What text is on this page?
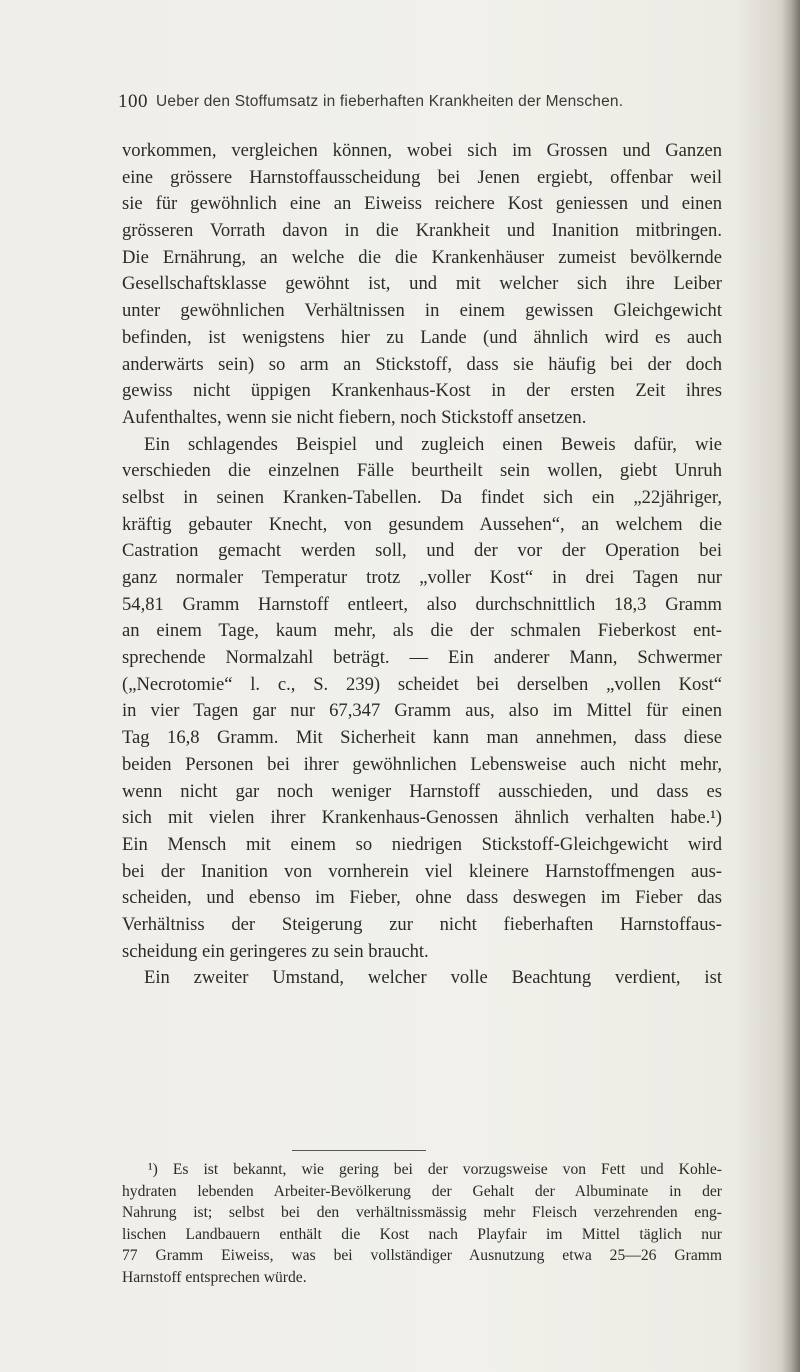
100 Ueber den Stoffumsatz in fieberhaften Krankheiten der Menschen.
vorkommen, vergleichen können, wobei sich im Grossen und Ganzen
eine grössere Harnstoffausscheidung bei Jenen ergiebt, offenbar weil
sie für gewöhnlich eine an Eiweiss reichere Kost geniessen und einen
grösseren Vorrath davon in die Krankheit und Inanition mitbringen.
Die Ernährung, an welche die die Krankenhäuser zumeist bevölkernde
Gesellschaftsklasse gewöhnt ist, und mit welcher sich ihre Leiber
unter gewöhnlichen Verhältnissen in einem gewissen Gleichgewicht
befinden, ist wenigstens hier zu Lande (und ähnlich wird es auch
anderwärts sein) so arm an Stickstoff, dass sie häufig bei der doch
gewiss nicht üppigen Krankenhaus-Kost in der ersten Zeit ihres
Aufenthaltes, wenn sie nicht fiebern, noch Stickstoff ansetzen.
Ein schlagendes Beispiel und zugleich einen Beweis dafür, wie
verschieden die einzelnen Fälle beurtheilt sein wollen, giebt Unruh
selbst in seinen Kranken-Tabellen. Da findet sich ein „22jähriger,
kräftig gebauter Knecht, von gesundem Aussehen“, an welchem die
Castration gemacht werden soll, und der vor der Operation bei
ganz normaler Temperatur trotz „voller Kost“ in drei Tagen nur
54,81 Gramm Harnstoff entleert, also durchschnittlich 18,3 Gramm
an einem Tage, kaum mehr, als die der schmalen Fieberkost ent-
sprechende Normalzahl beträgt. — Ein anderer Mann, Schwermer
(„Necrotomie“ l. c., S. 239) scheidet bei derselben „vollen Kost“
in vier Tagen gar nur 67,347 Gramm aus, also im Mittel für einen
Tag 16,8 Gramm. Mit Sicherheit kann man annehmen, dass diese
beiden Personen bei ihrer gewöhnlichen Lebensweise auch nicht mehr,
wenn nicht gar noch weniger Harnstoff ausschieden, und dass es
sich mit vielen ihrer Krankenhaus-Genossen ähnlich verhalten habe.¹)
Ein Mensch mit einem so niedrigen Stickstoff-Gleichgewicht wird
bei der Inanition von vornherein viel kleinere Harnstoffmengen aus-
scheiden, und ebenso im Fieber, ohne dass deswegen im Fieber das
Verhältniss der Steigerung zur nicht fieberhaften Harnstoffaus-
scheidung ein geringeres zu sein braucht.
Ein zweiter Umstand, welcher volle Beachtung verdient, ist
¹) Es ist bekannt, wie gering bei der vorzugsweise von Fett und Kohle-
hydraten lebenden Arbeiter-Bevölkerung der Gehalt der Albuminate in der
Nahrung ist; selbst bei den verhältnissmässig mehr Fleisch verzehrenden eng-
lischen Landbauern enthält die Kost nach Playfair im Mittel täglich nur
77 Gramm Eiweiss, was bei vollständiger Ausnutzung etwa 25—26 Gramm
Harnstoff entsprechen würde.
